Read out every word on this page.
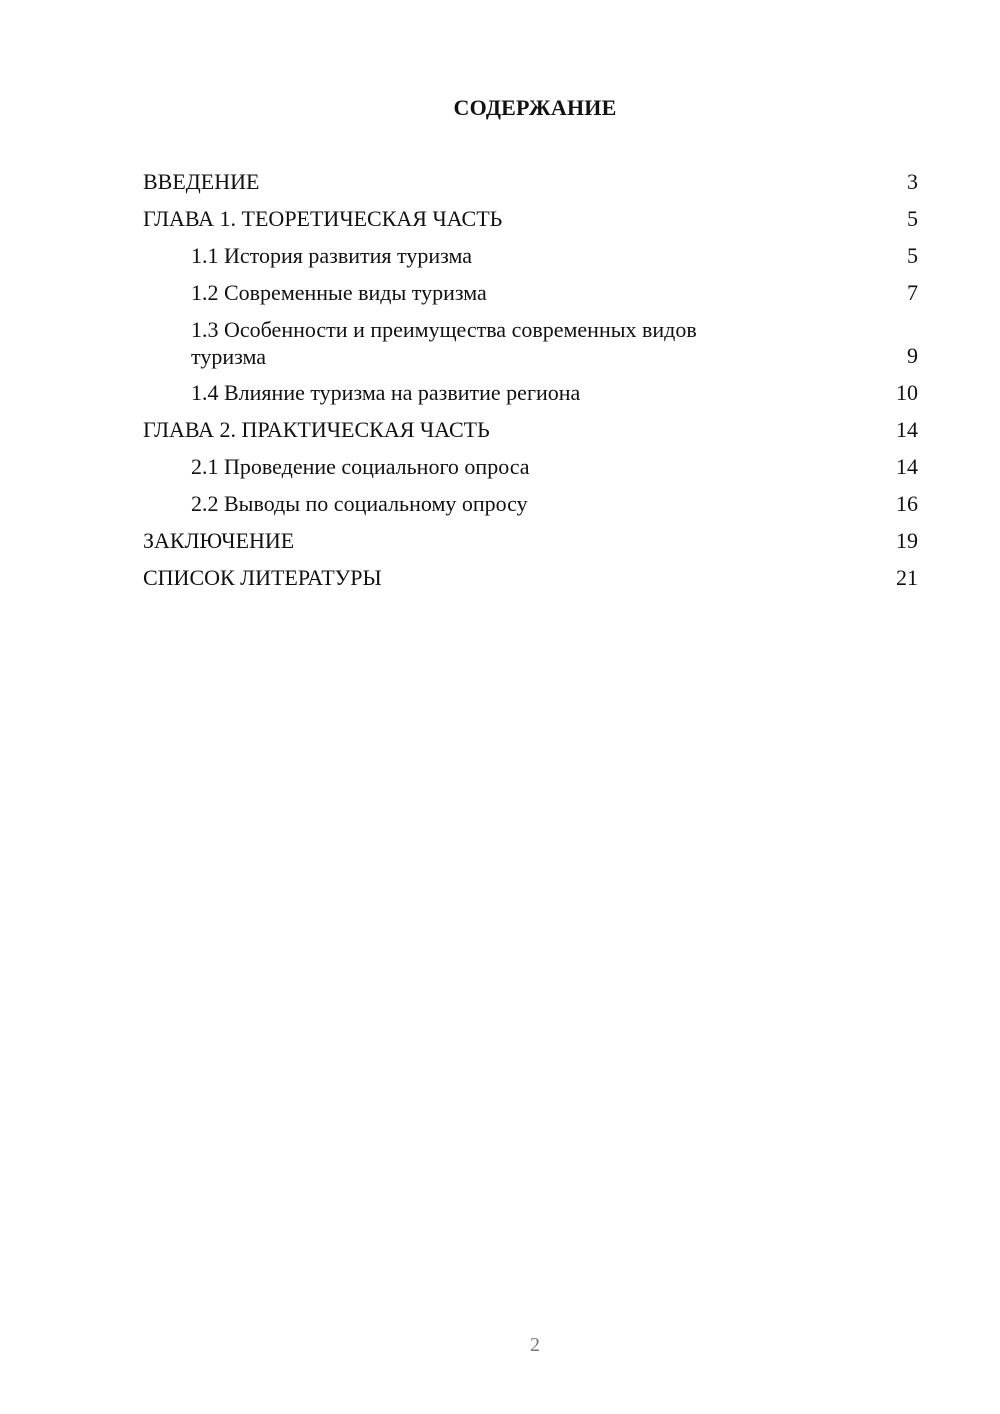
СОДЕРЖАНИЕ
ВВЕДЕНИЕ	3
ГЛАВА 1. ТЕОРЕТИЧЕСКАЯ ЧАСТЬ	5
1.1 История развития туризма	5
1.2 Современные виды туризма	7
1.3 Особенности и преимущества современных видов туризма	9
1.4 Влияние туризма на развитие региона	10
ГЛАВА 2. ПРАКТИЧЕСКАЯ ЧАСТЬ	14
2.1 Проведение социального опроса	14
2.2 Выводы по социальному опросу	16
ЗАКЛЮЧЕНИЕ	19
СПИСОК ЛИТЕРАТУРЫ	21
2
